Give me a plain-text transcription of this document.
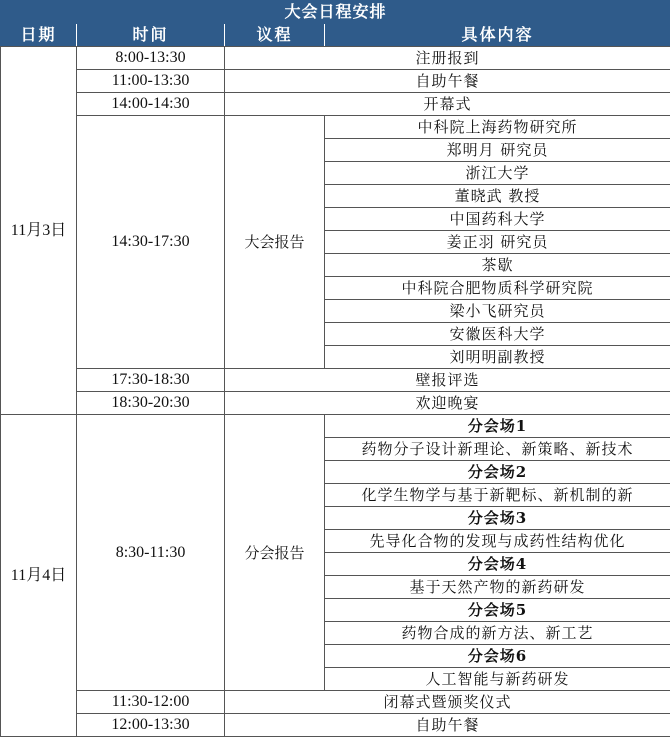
大会日程安排			
日期	时间	议程	具体内容
11月3日	8:00-13:30	注册报到	
	11:00-13:30	自助午餐	
	14:00-14:30	开幕式	
	14:30-17:30	大会报告	中科院上海药物研究所
			郑明月 研究员
			浙江大学
			董晓武 教授
			中国药科大学
			姜正羽 研究员
			茶歇
			中科院合肥物质科学研究院
			梁小飞研究员
			安徽医科大学
			刘明明副教授
	17:30-18:30	壁报评选	
	18:30-20:30	欢迎晚宴	
11月4日	8:30-11:30	分会报告	分会场1
			药物分子设计新理论、新策略、新技术
			分会场2
			化学生物学与基于新靶标、新机制的新
			分会场3
			先导化合物的发现与成药性结构优化
			分会场4
			基于天然产物的新药研发
			分会场5
			药物合成的新方法、新工艺
			分会场6
			人工智能与新药研发
	11:30-12:00	闭幕式暨颁奖仪式	
	12:00-13:30	自助午餐	
